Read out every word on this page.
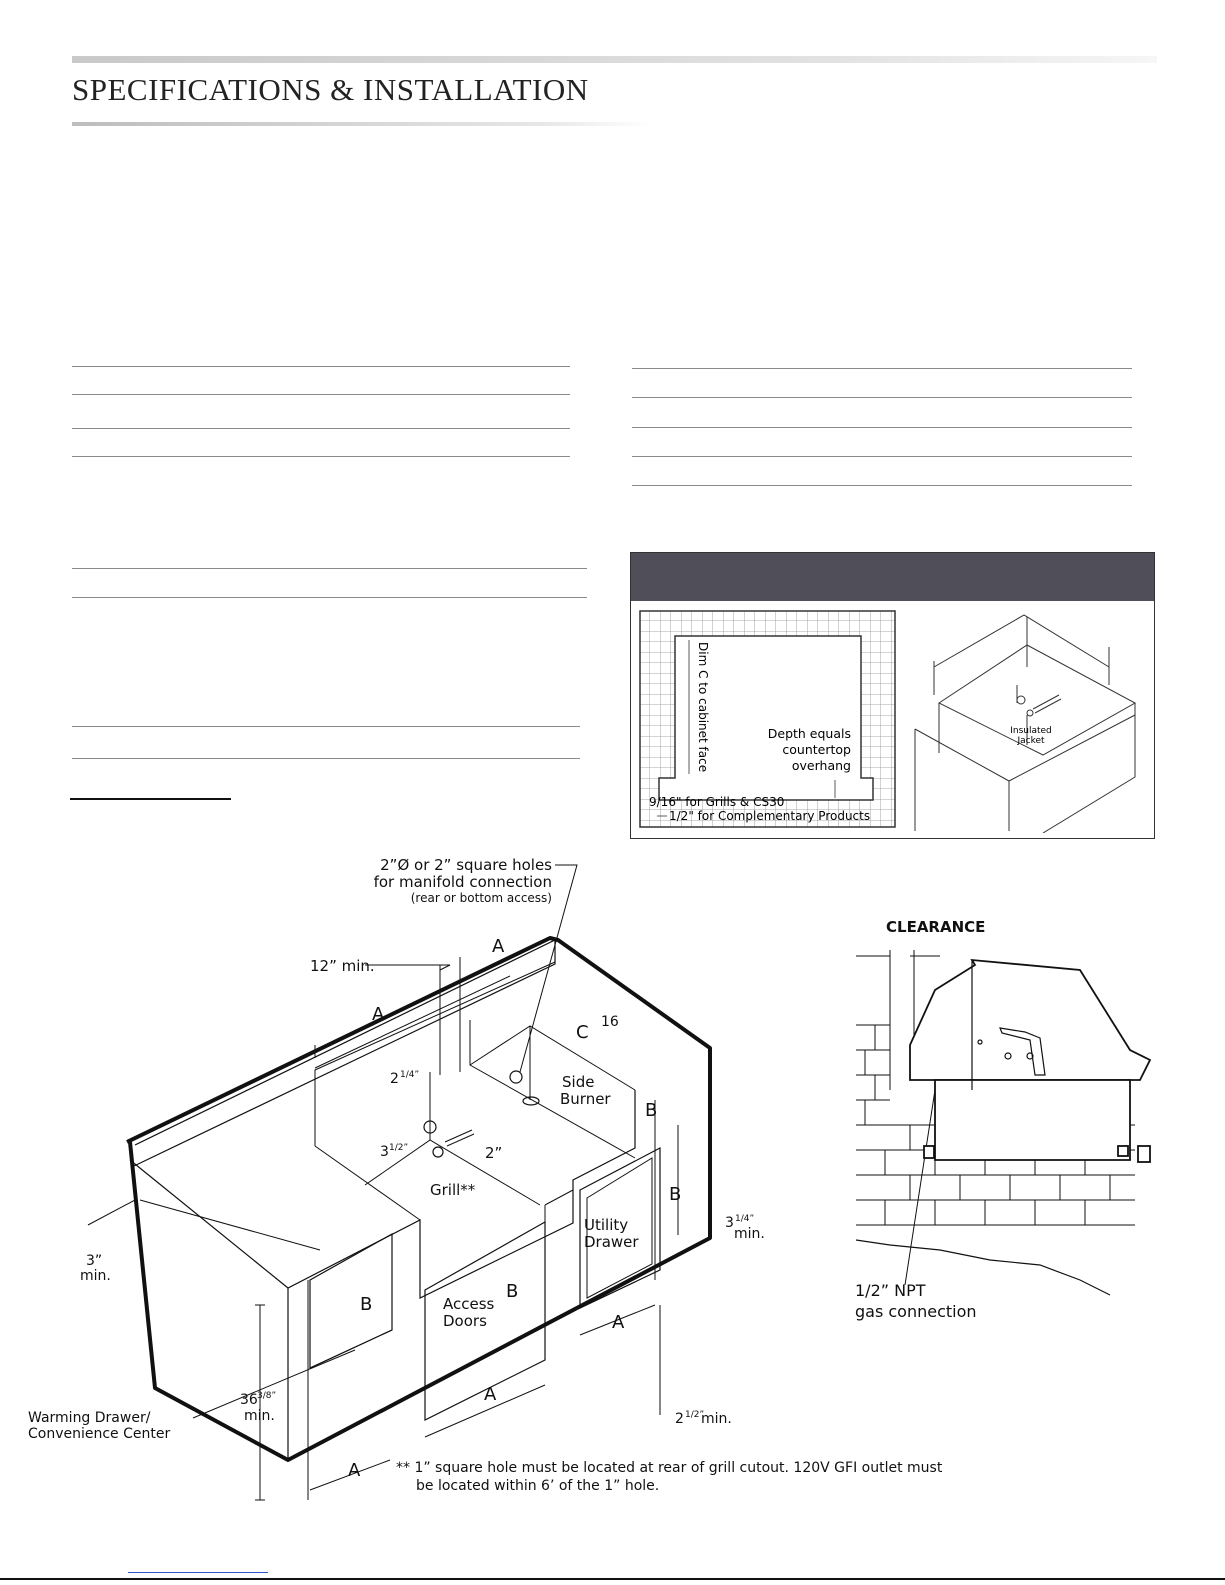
SPECIFICATIONS & INSTALLATION
Dim C to cabinet face	Depth equals
countertop
overhang
9/16" for Grills & CS30
1/2" for Complementary Products
Insulated
Jacket
2”Ø or 2” square holes
for manifold connection
(rear or bottom access)
12” min.
A
A
C 16
Side
Burner
B
2 1/4”
3 1/2”	2”
Grill**	B
Utility
Drawer
3 1/4”
min.
3”
min.
B
B
Access
Doors	A
36 3/8”
min.
A
2 1/2”
min.
Warming Drawer/
Convenience Center
A	** 1” square hole must be located at rear of grill cutout. 120V GFI outlet must
be located within 6’ of the 1” hole.
CLEARANCE
1/2” NPT
gas connection
